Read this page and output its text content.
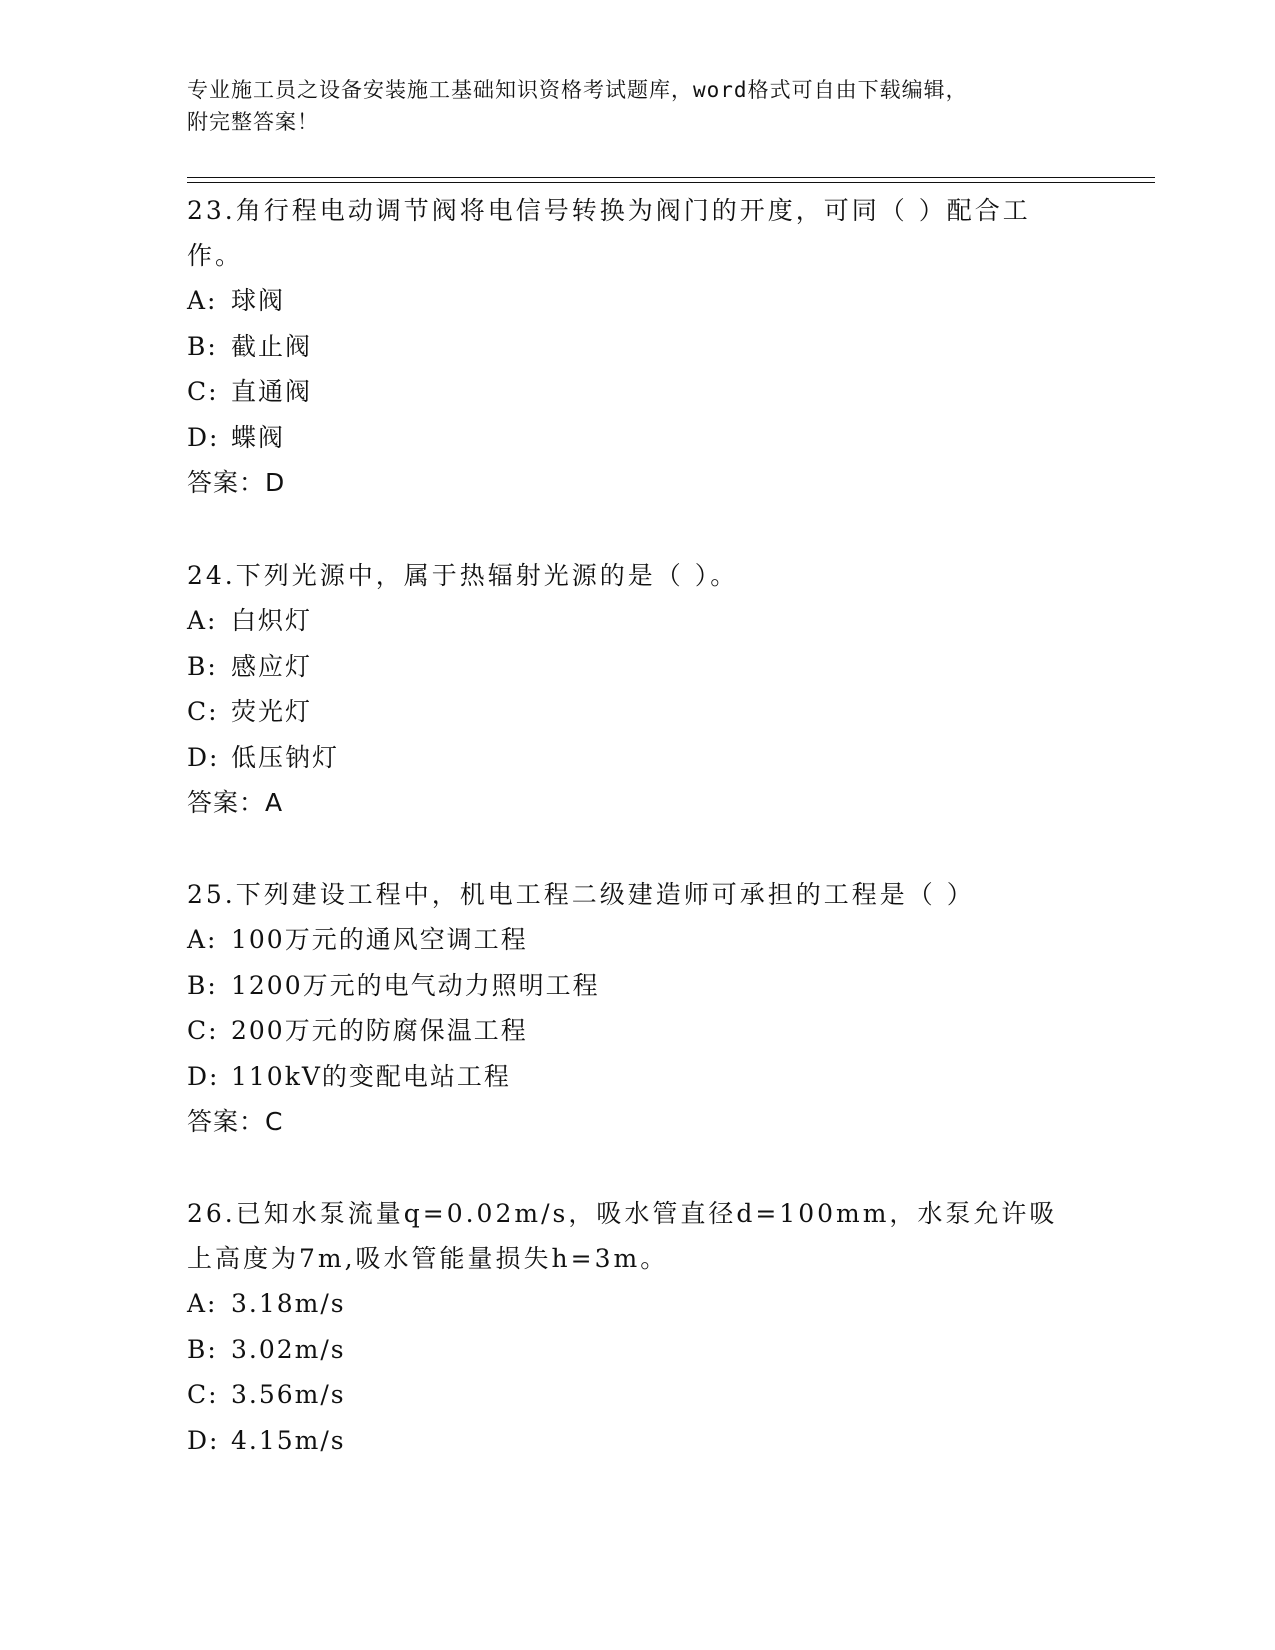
专业施工员之设备安装施工基础知识资格考试题库，word格式可自由下载编辑，
附完整答案！

23.角行程电动调节阀将电信号转换为阀门的开度，可同（ ）配合工作。

A: 球阀

B: 截止阀

C: 直通阀

D: 蝶阀

答案：D

24.下列光源中，属于热辐射光源的是（ ）。

A: 白炽灯

B: 感应灯

C: 荧光灯

D: 低压钠灯

答案：A

25.下列建设工程中，机电工程二级建造师可承担的工程是（ ）

A: 100万元的通风空调工程

B: 1200万元的电气动力照明工程

C: 200万元的防腐保温工程

D: 110kV的变配电站工程

答案：C

26.已知水泵流量q=0.02m/s，吸水管直径d=100mm，水泵允许吸上高度为7m,吸水管能量损失h=3m。

A: 3.18m/s

B: 3.02m/s

C: 3.56m/s

D: 4.15m/s
